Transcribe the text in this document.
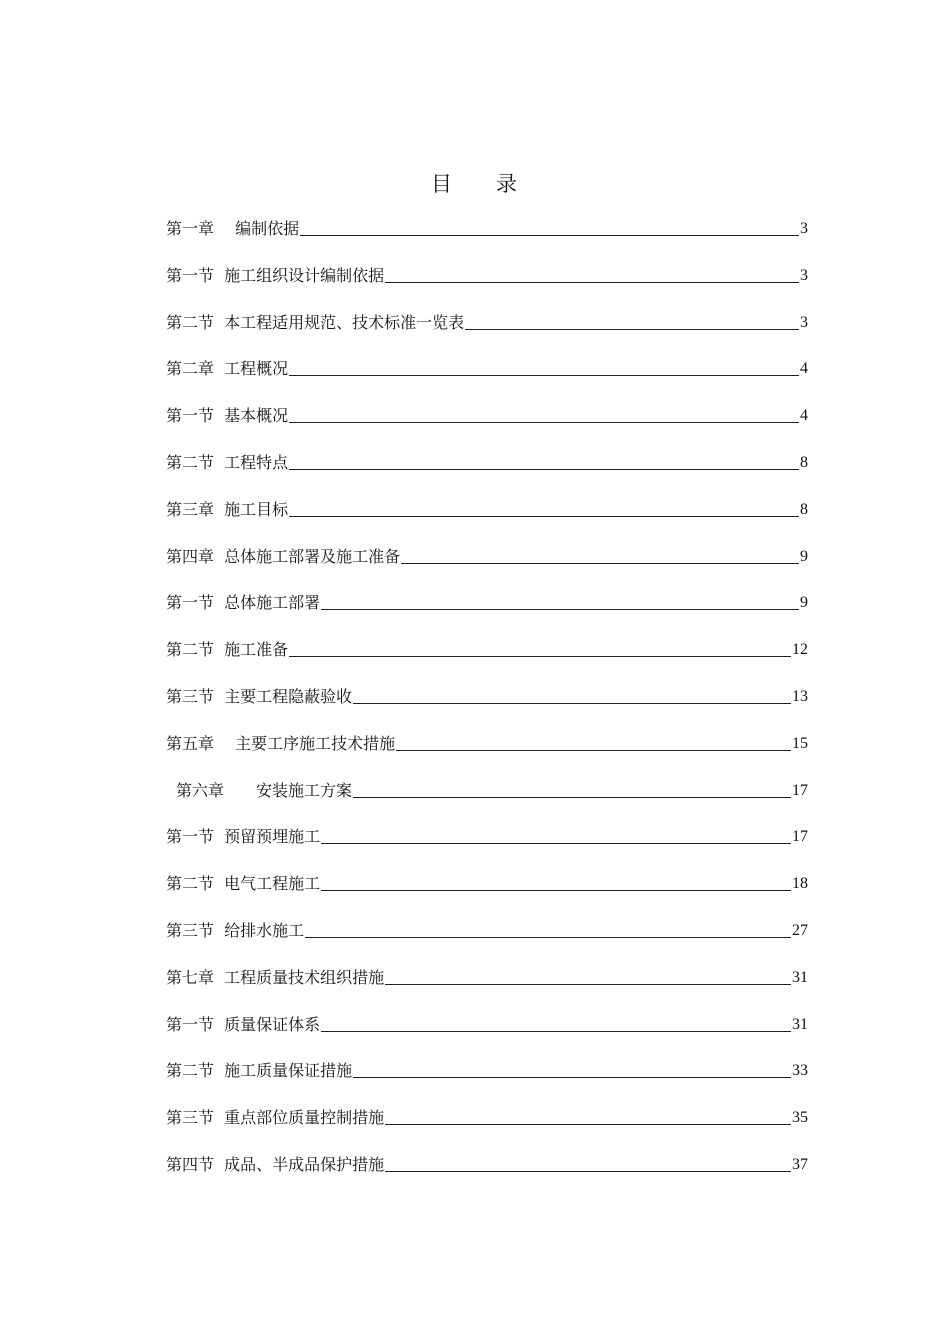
目 录
第一章　 编制依据	3
第一节  施工组织设计编制依据	3
第二节  本工程适用规范、技术标准一览表	3
第二章  工程概况	4
第一节  基本概况	4
第二节  工程特点	8
第三章  施工目标	8
第四章  总体施工部署及施工准备	9
第一节  总体施工部署	9
第二节  施工准备	12
第三节  主要工程隐蔽验收	13
第五章　 主要工序施工技术措施	15
第六章　　安装施工方案	17
第一节  预留预埋施工	17
第二节  电气工程施工	18
第三节  给排水施工	27
第七章  工程质量技术组织措施	31
第一节  质量保证体系	31
第二节  施工质量保证措施	33
第三节  重点部位质量控制措施	35
第四节  成品、半成品保护措施	37
